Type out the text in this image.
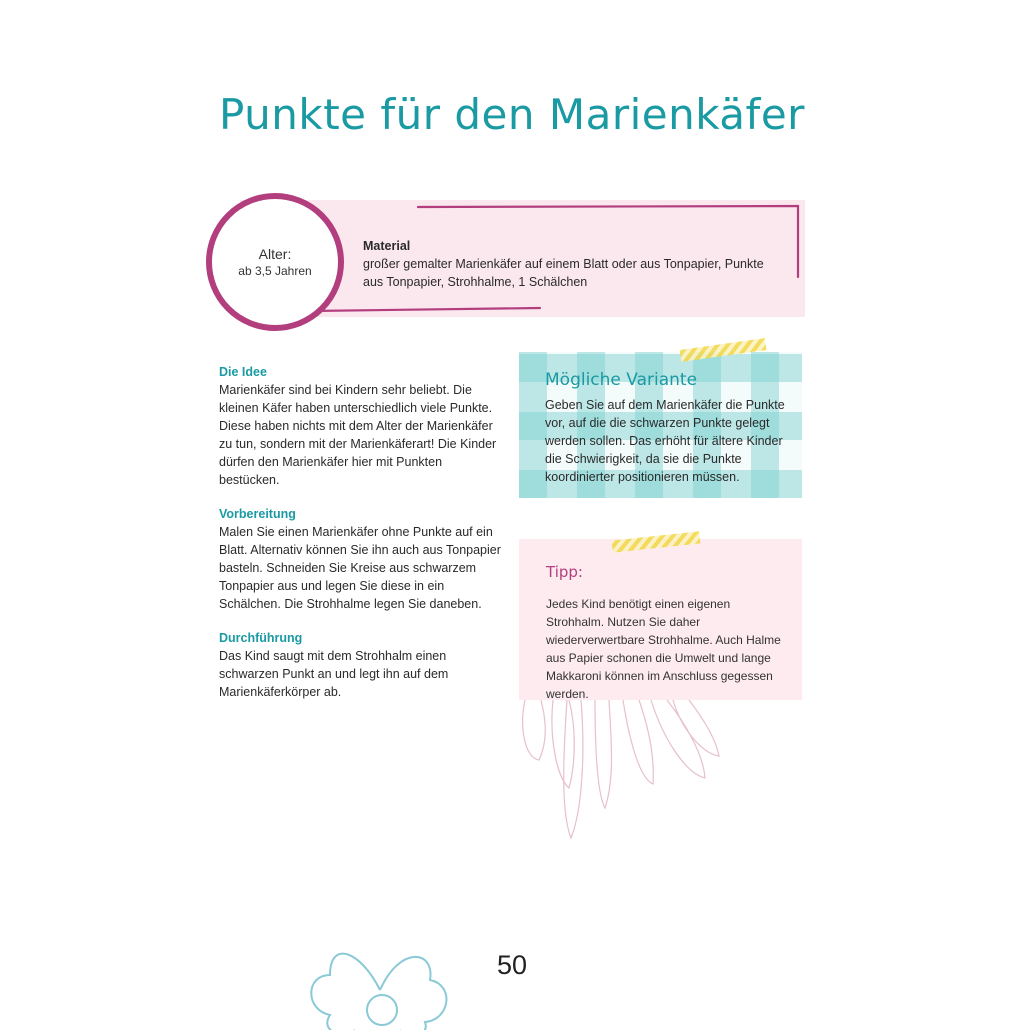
Punkte für den Marienkäfer
Alter:
ab 3,5 Jahren
Material
großer gemalter Marienkäfer auf einem Blatt oder aus Tonpapier, Punkte aus Tonpapier, Strohhalme, 1 Schälchen
Die Idee

Marienkäfer sind bei Kindern sehr beliebt. Die kleinen Käfer haben unterschiedlich viele Punkte. Diese haben nichts mit dem Alter der Marienkäfer zu tun, sondern mit der Marienkäferart! Die Kinder dürfen den Marienkäfer hier mit Punkten bestücken.

Vorbereitung

Malen Sie einen Marienkäfer ohne Punkte auf ein Blatt. Alternativ können Sie ihn auch aus Tonpapier basteln. Schneiden Sie Kreise aus schwarzem Tonpapier aus und legen Sie diese in ein Schälchen. Die Strohhalme legen Sie daneben.

Durchführung

Das Kind saugt mit dem Strohhalm einen schwarzen Punkt an und legt ihn auf dem Marienkäferkörper ab.

Mögliche Variante
Geben Sie auf dem Marienkäfer die Punkte vor, auf die die schwarzen Punkte gelegt werden sollen. Das erhöht für ältere Kinder die Schwierigkeit, da sie die Punkte koordinierter positionieren müssen.
Tipp:
Jedes Kind benötigt einen eigenen Strohhalm. Nutzen Sie daher wiederverwertbare Strohhalme. Auch Halme aus Papier schonen die Umwelt und lange Makkaroni können im Anschluss gegessen werden.
50
